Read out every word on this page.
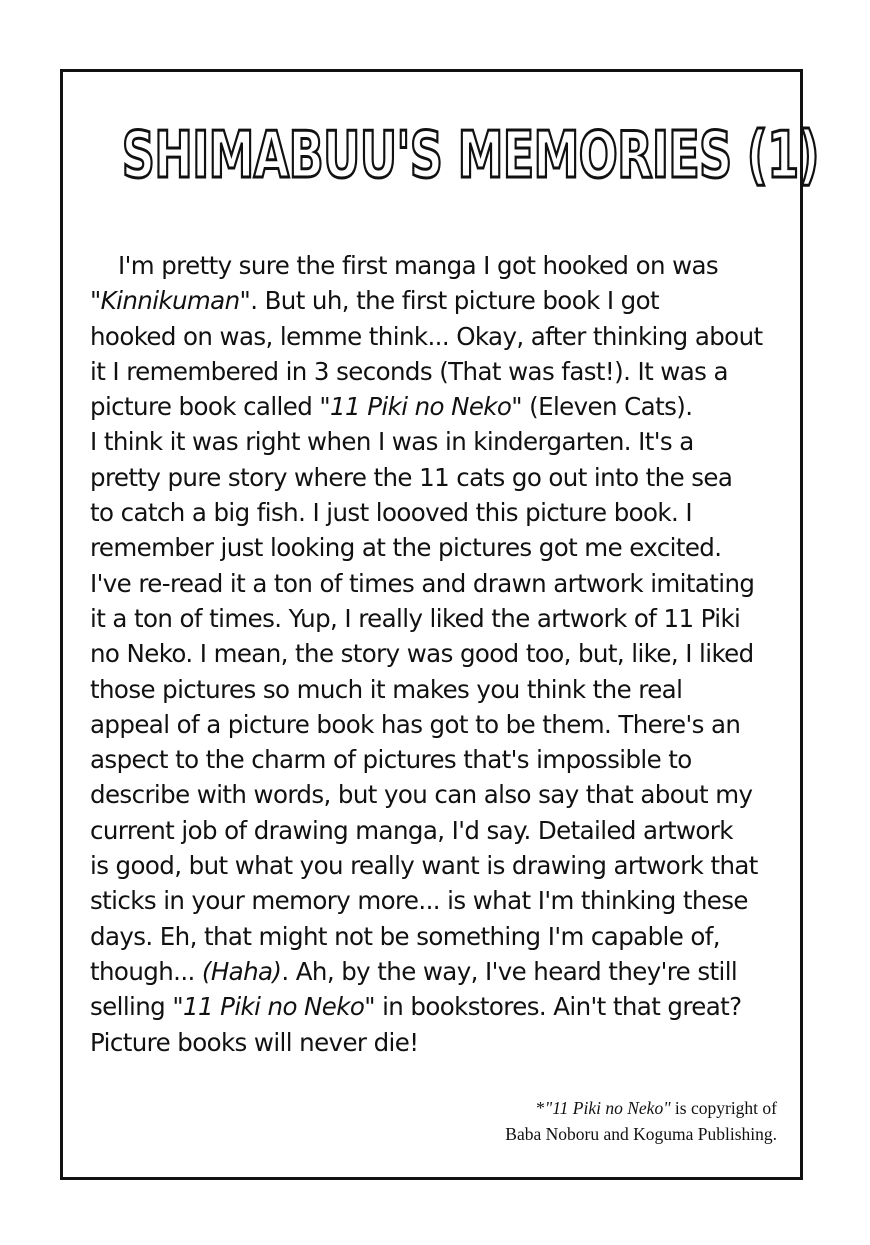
SHIMABUU'S MEMORIES (1)
I'm pretty sure the first manga I got hooked on was
"Kinnikuman". But uh, the first picture book I got
hooked on was, lemme think... Okay, after thinking about
it I remembered in 3 seconds (That was fast!). It was a
picture book called "11 Piki no Neko" (Eleven Cats).
I think it was right when I was in kindergarten. It's a
pretty pure story where the 11 cats go out into the sea
to catch a big fish. I just loooved this picture book. I
remember just looking at the pictures got me excited.
I've re-read it a ton of times and drawn artwork imitating
it a ton of times. Yup, I really liked the artwork of 11 Piki
no Neko. I mean, the story was good too, but, like, I liked
those pictures so much it makes you think the real
appeal of a picture book has got to be them. There's an
aspect to the charm of pictures that's impossible to
describe with words, but you can also say that about my
current job of drawing manga, I'd say. Detailed artwork
is good, but what you really want is drawing artwork that
sticks in your memory more... is what I'm thinking these
days. Eh, that might not be something I'm capable of,
though... (Haha). Ah, by the way, I've heard they're still
selling "11 Piki no Neko" in bookstores. Ain't that great?
Picture books will never die!
*"11 Piki no Neko" is copyright of
Baba Noboru and Koguma Publishing.
